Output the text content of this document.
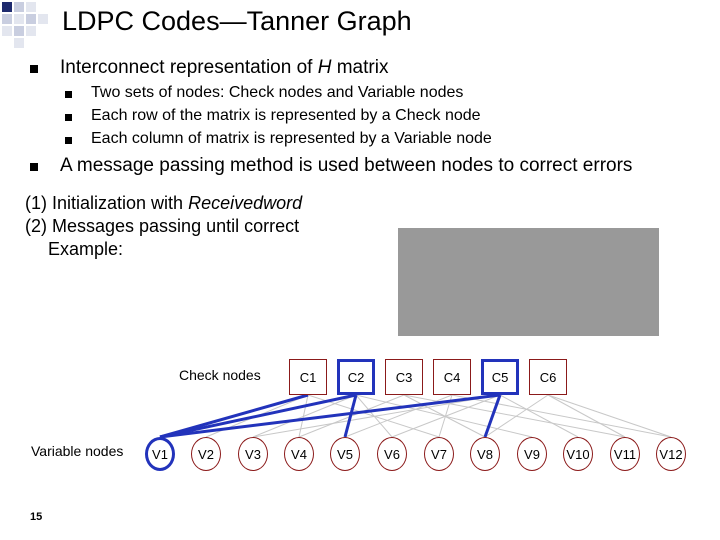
LDPC Codes—Tanner Graph
Interconnect representation of H matrix
Two sets of nodes: Check nodes and Variable nodes
Each row of the matrix is represented by a Check node
Each column of matrix is represented by a Variable node
A message passing method is used between nodes to correct errors
(1) Initialization with Receivedword
(2) Messages passing until correct
Example:
Check nodes
Variable nodes
C1	C2	C3	C4	C5	C6
V1	V2	V3	V4	V5	V6	V7	V8	V9	V10	V11	V12
15
